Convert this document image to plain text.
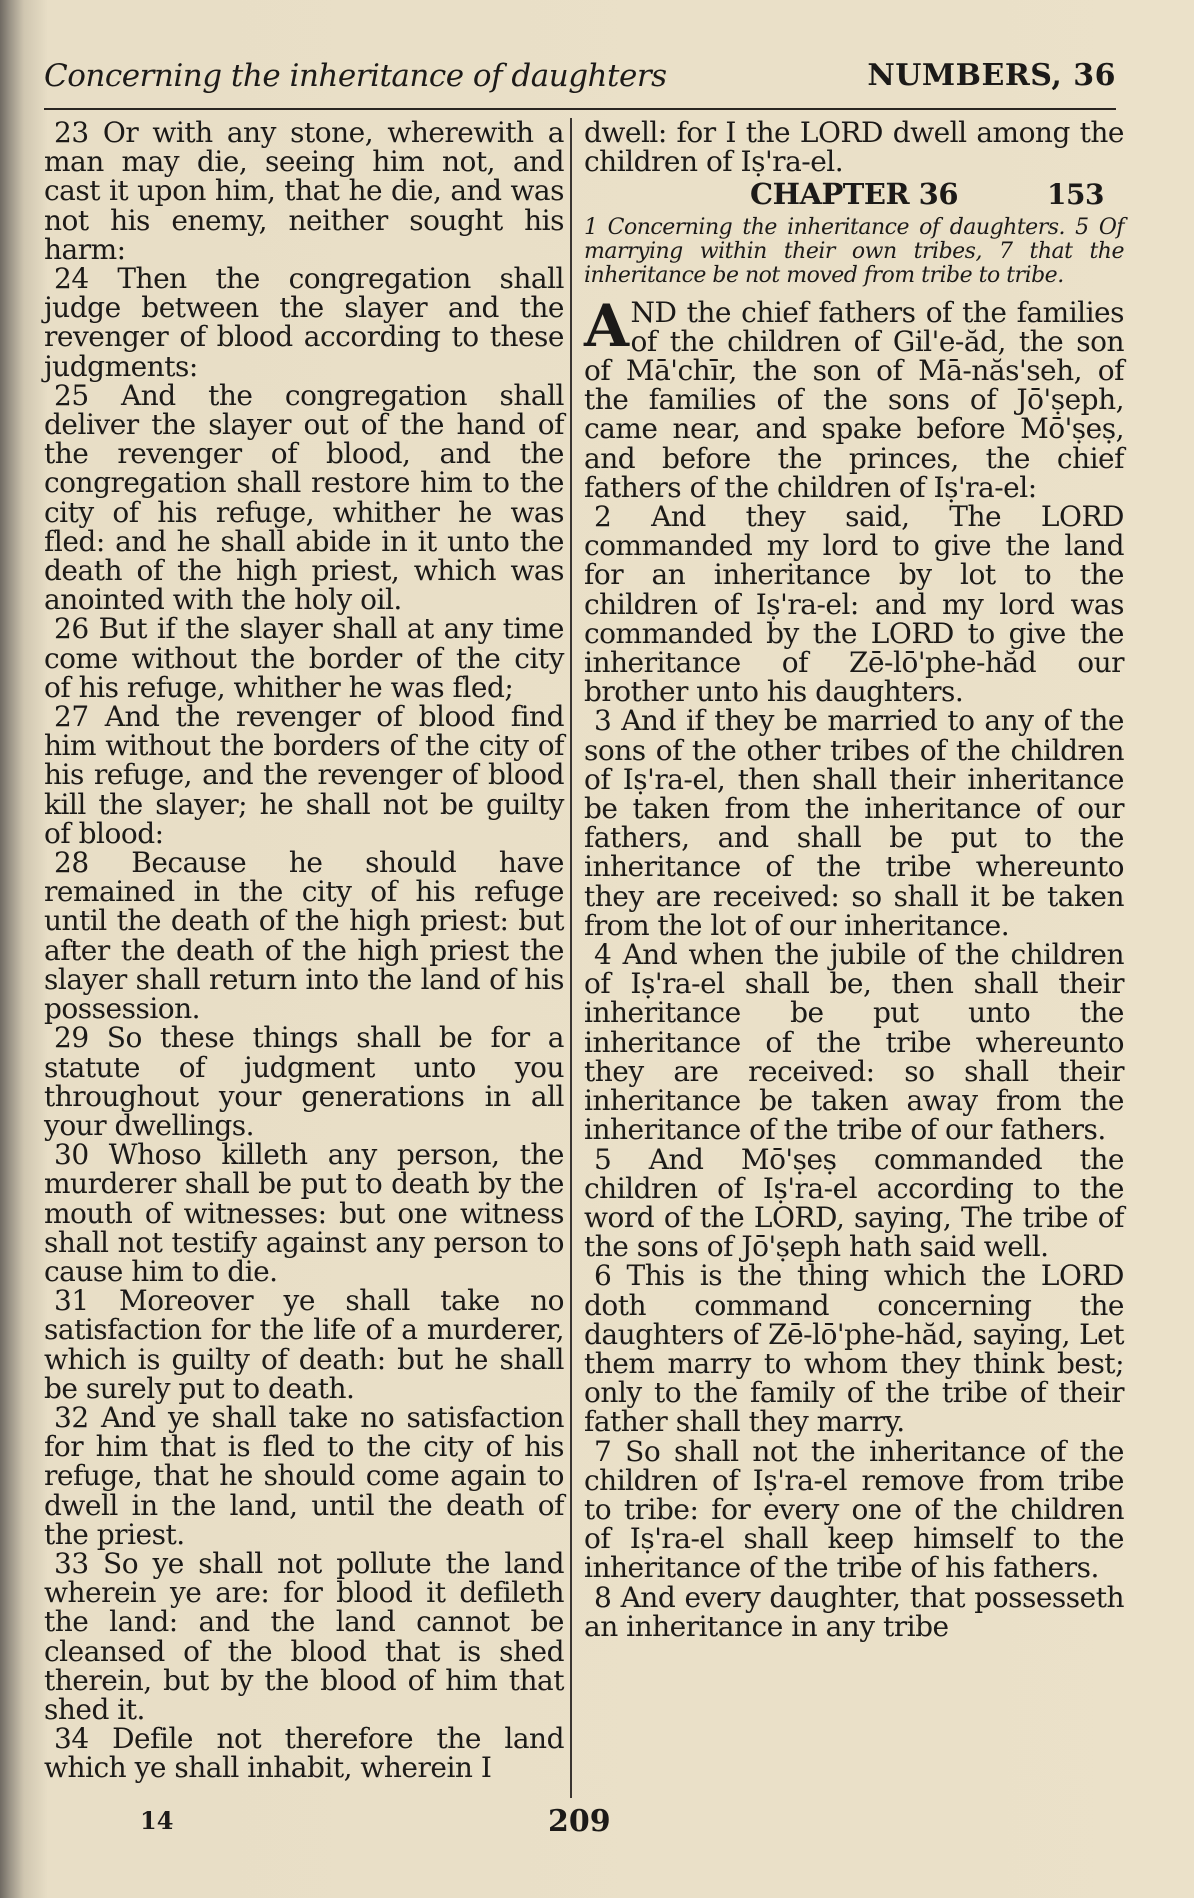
Concerning the inheritance of daughters	NUMBERS, 36

23 Or with any stone, wherewith a man may die, seeing him not, and cast it upon him, that he die, and was not his enemy, neither sought his harm:

24 Then the congregation shall judge between the slayer and the revenger of blood according to these judgments:

25 And the congregation shall deliver the slayer out of the hand of the revenger of blood, and the congregation shall restore him to the city of his refuge, whither he was fled: and he shall abide in it unto the death of the high priest, which was anointed with the holy oil.

26 But if the slayer shall at any time come without the border of the city of his refuge, whither he was fled;

27 And the revenger of blood find him without the borders of the city of his refuge, and the revenger of blood kill the slayer; he shall not be guilty of blood:

28 Because he should have remained in the city of his refuge until the death of the high priest: but after the death of the high priest the slayer shall return into the land of his possession.

29 So these things shall be for a statute of judgment unto you throughout your generations in all your dwellings.

30 Whoso killeth any person, the murderer shall be put to death by the mouth of witnesses: but one witness shall not testify against any person to cause him to die.

31 Moreover ye shall take no satisfaction for the life of a murderer, which is guilty of death: but he shall be surely put to death.

32 And ye shall take no satisfaction for him that is fled to the city of his refuge, that he should come again to dwell in the land, until the death of the priest.

33 So ye shall not pollute the land wherein ye are: for blood it defileth the land: and the land cannot be cleansed of the blood that is shed therein, but by the blood of him that shed it.

34 Defile not therefore the land which ye shall inhabit, wherein I

dwell: for I the LORD dwell among the children of Iṣ'ra-el.

CHAPTER 36	153

1 Concerning the inheritance of daughters. 5 Of marrying within their own tribes, 7 that the inheritance be not moved from tribe to tribe.

AND the chief fathers of the families of the children of Gil'e-ăd, the son of Mā'chīr, the son of Mā-năs'seh, of the families of the sons of Jō'ṣeph, came near, and spake before Mō'ṣeṣ, and before the princes, the chief fathers of the children of Iṣ'ra-el:

2 And they said, The LORD commanded my lord to give the land for an inheritance by lot to the children of Iṣ'ra-el: and my lord was commanded by the LORD to give the inheritance of Zē-lō'phe-hăd our brother unto his daughters.

3 And if they be married to any of the sons of the other tribes of the children of Iṣ'ra-el, then shall their inheritance be taken from the inheritance of our fathers, and shall be put to the inheritance of the tribe whereunto they are received: so shall it be taken from the lot of our inheritance.

4 And when the jubile of the children of Iṣ'ra-el shall be, then shall their inheritance be put unto the inheritance of the tribe whereunto they are received: so shall their inheritance be taken away from the inheritance of the tribe of our fathers.

5 And Mō'ṣeṣ commanded the children of Iṣ'ra-el according to the word of the LORD, saying, The tribe of the sons of Jō'ṣeph hath said well.

6 This is the thing which the LORD doth command concerning the daughters of Zē-lō'phe-hăd, saying, Let them marry to whom they think best; only to the family of the tribe of their father shall they marry.

7 So shall not the inheritance of the children of Iṣ'ra-el remove from tribe to tribe: for every one of the children of Iṣ'ra-el shall keep himself to the inheritance of the tribe of his fathers.

8 And every daughter, that possesseth an inheritance in any tribe

14	209
